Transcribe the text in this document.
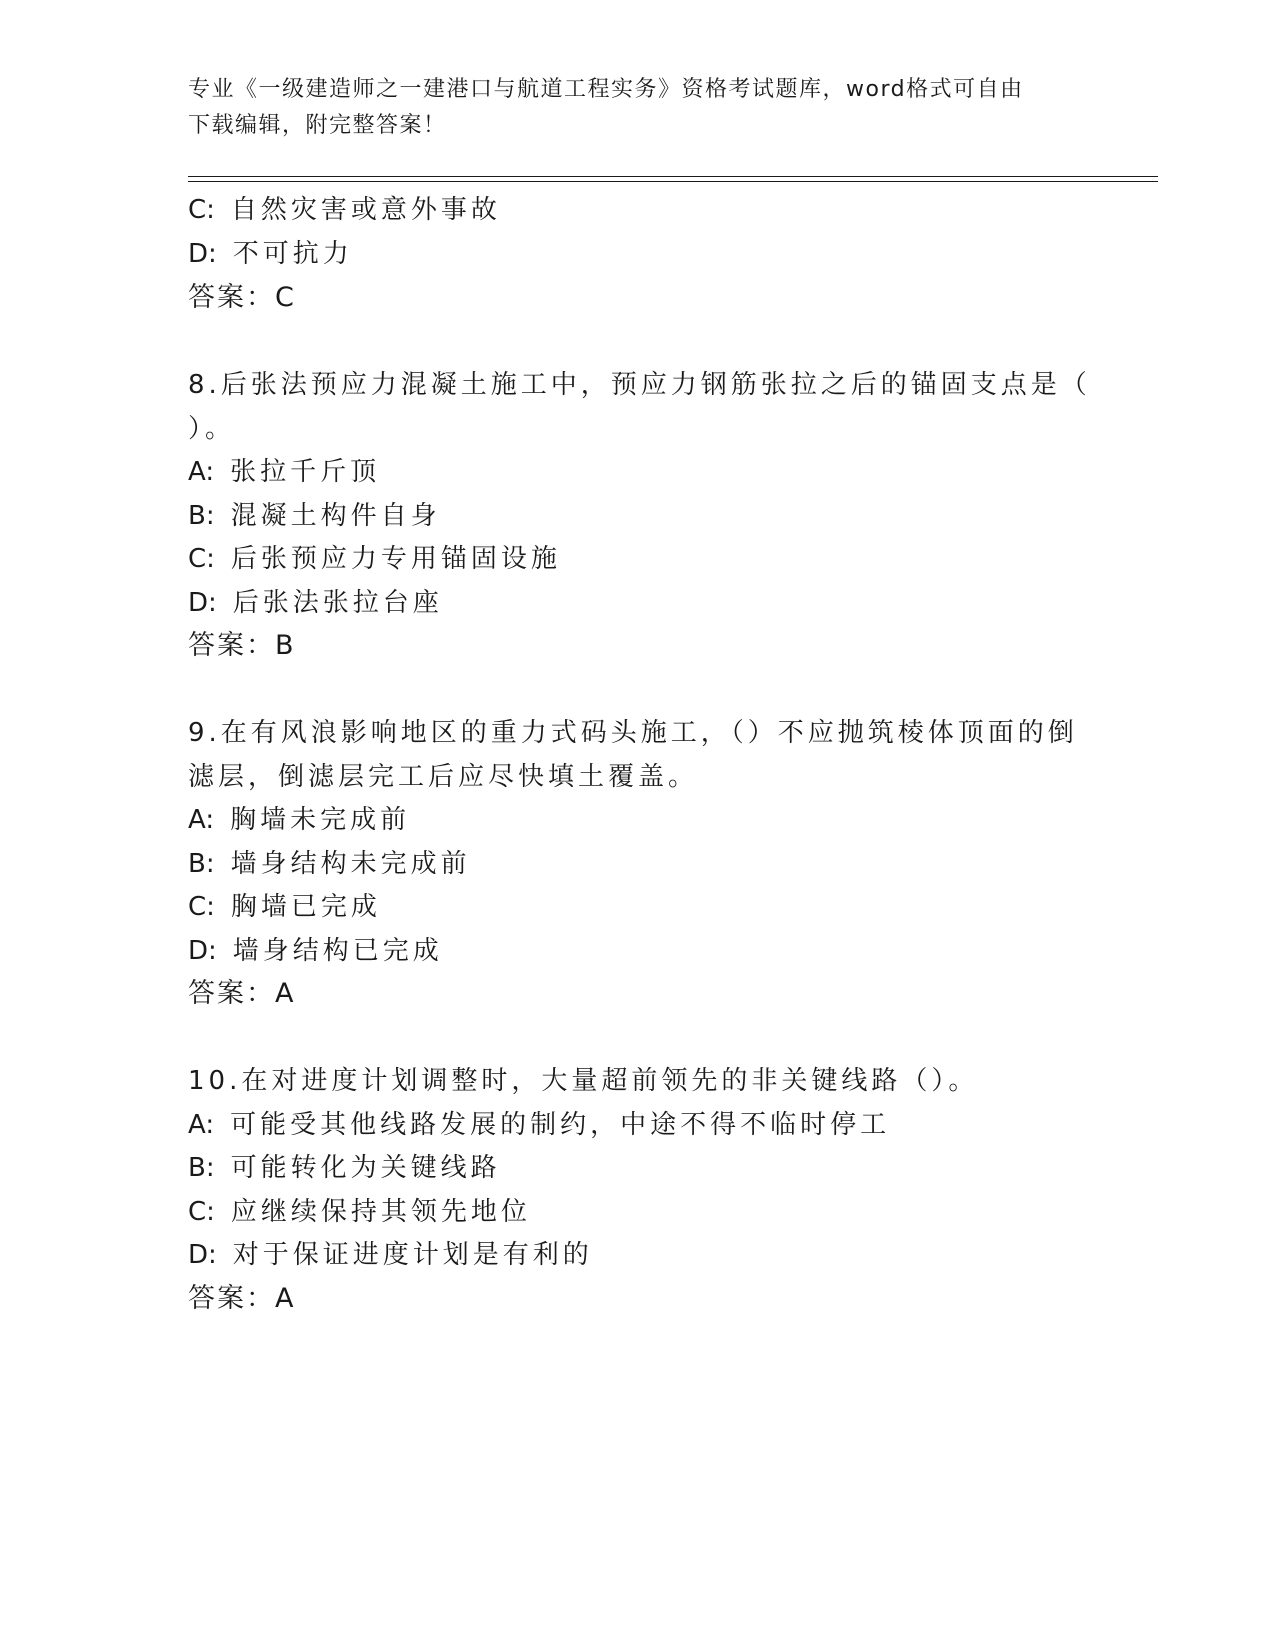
专业《一级建造师之一建港口与航道工程实务》资格考试题库，word格式可自由
下载编辑，附完整答案！
C: 自然灾害或意外事故
D: 不可抗力
答案：C
8.后张法预应力混凝土施工中，预应力钢筋张拉之后的锚固支点是（
）。
A: 张拉千斤顶
B: 混凝土构件自身
C: 后张预应力专用锚固设施
D: 后张法张拉台座
答案：B
9.在有风浪影响地区的重力式码头施工，（）不应抛筑棱体顶面的倒
滤层，倒滤层完工后应尽快填土覆盖。
A: 胸墙未完成前
B: 墙身结构未完成前
C: 胸墙已完成
D: 墙身结构已完成
答案：A
10.在对进度计划调整时，大量超前领先的非关键线路（）。
A: 可能受其他线路发展的制约，中途不得不临时停工
B: 可能转化为关键线路
C: 应继续保持其领先地位
D: 对于保证进度计划是有利的
答案：A
